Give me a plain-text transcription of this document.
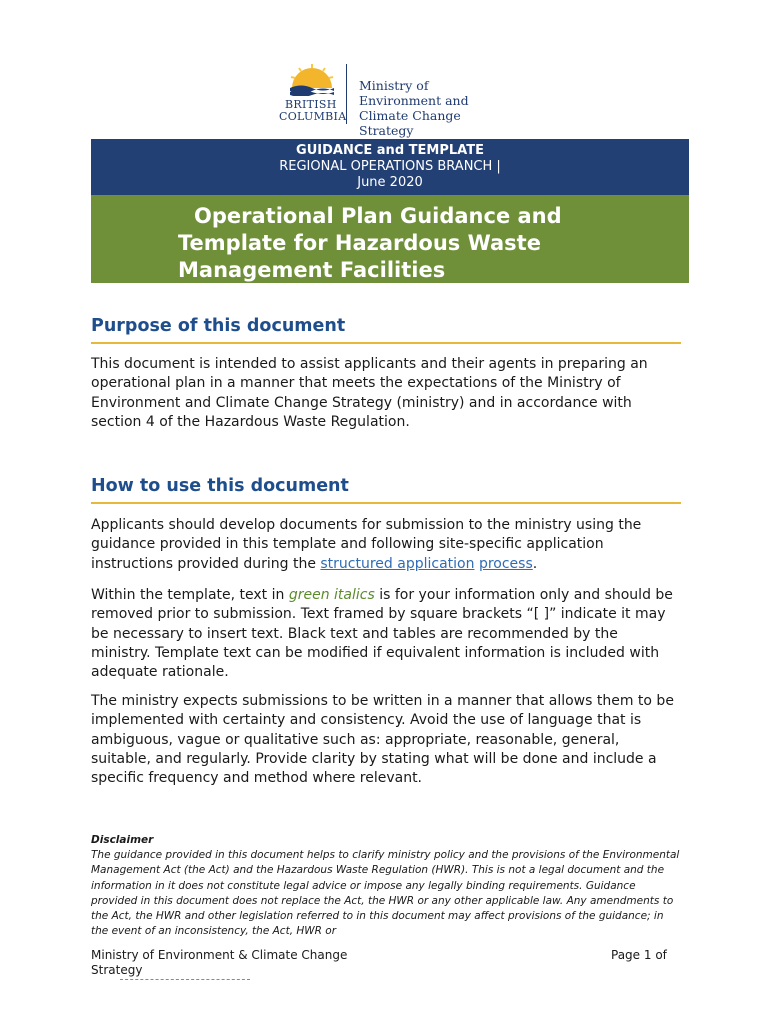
BRITISH
COLUMBIA
Ministry of
Environment and
Climate Change Strategy
GUIDANCE and TEMPLATE
REGIONAL OPERATIONS BRANCH |
June 2020
Operational Plan Guidance and
Template for Hazardous Waste
Management Facilities
Purpose of this document
This document is intended to assist applicants and their agents in preparing an operational plan in a manner that meets the expectations of the Ministry of Environment and Climate Change Strategy (ministry) and in accordance with section 4 of the Hazardous Waste Regulation.
How to use this document
Applicants should develop documents for submission to the ministry using the guidance provided in this template and following site-specific application instructions provided during the structured application process.
Within the template, text in green italics is for your information only and should be removed prior to submission. Text framed by square brackets “[ ]” indicate it may be necessary to insert text. Black text and tables are recommended by the ministry. Template text can be modified if equivalent information is included with adequate rationale.
The ministry expects submissions to be written in a manner that allows them to be implemented with certainty and consistency. Avoid the use of language that is ambiguous, vague or qualitative such as: appropriate, reasonable, general, suitable, and regularly. Provide clarity by stating what will be done and include a specific frequency and method where relevant.
Disclaimer
The guidance provided in this document helps to clarify ministry policy and the provisions of the Environmental Management Act (the Act) and the Hazardous Waste Regulation (HWR). This is not a legal document and the information in it does not constitute legal advice or impose any legally binding requirements. Guidance provided in this document does not replace the Act, the HWR or any other applicable law. Any amendments to the Act, the HWR and other legislation referred to in this document may affect provisions of the guidance; in the event of an inconsistency, the Act, HWR or
Ministry of Environment & Climate Change Strategy
Page 1 of
